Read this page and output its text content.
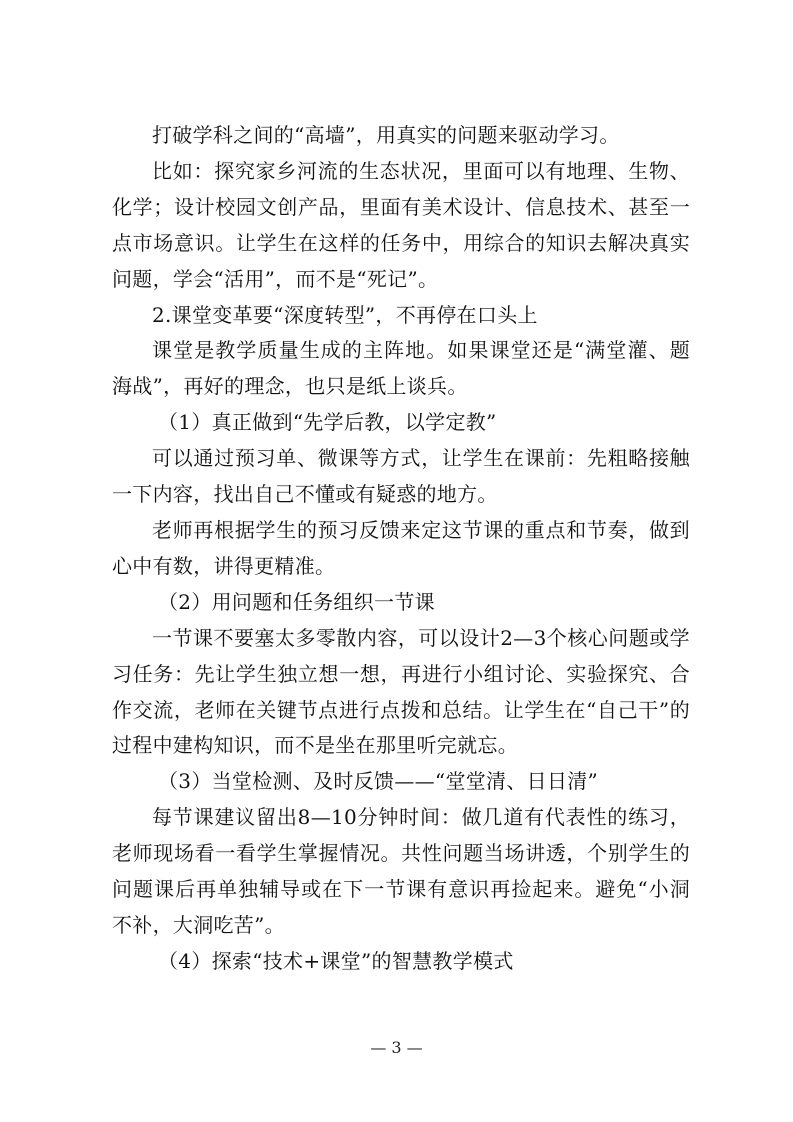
打破学科之间的“高墙”，用真实的问题来驱动学习。

比如：探究家乡河流的生态状况，里面可以有地理、生物、化学；设计校园文创产品，里面有美术设计、信息技术、甚至一点市场意识。让学生在这样的任务中，用综合的知识去解决真实问题，学会“活用”，而不是“死记”。

2.课堂变革要“深度转型”，不再停在口头上

课堂是教学质量生成的主阵地。如果课堂还是“满堂灌、题海战”，再好的理念，也只是纸上谈兵。

（1）真正做到“先学后教，以学定教”

可以通过预习单、微课等方式，让学生在课前：先粗略接触一下内容，找出自己不懂或有疑惑的地方。

老师再根据学生的预习反馈来定这节课的重点和节奏，做到心中有数，讲得更精准。

（2）用问题和任务组织一节课

一节课不要塞太多零散内容，可以设计2—3个核心问题或学习任务：先让学生独立想一想，再进行小组讨论、实验探究、合作交流，老师在关键节点进行点拨和总结。让学生在“自己干”的过程中建构知识，而不是坐在那里听完就忘。

（3）当堂检测、及时反馈——“堂堂清、日日清”

每节课建议留出8—10分钟时间：做几道有代表性的练习，老师现场看一看学生掌握情况。共性问题当场讲透，个别学生的问题课后再单独辅导或在下一节课有意识再捡起来。避免“小洞不补，大洞吃苦”。

（4）探索“技术+课堂”的智慧教学模式

— 3 —
